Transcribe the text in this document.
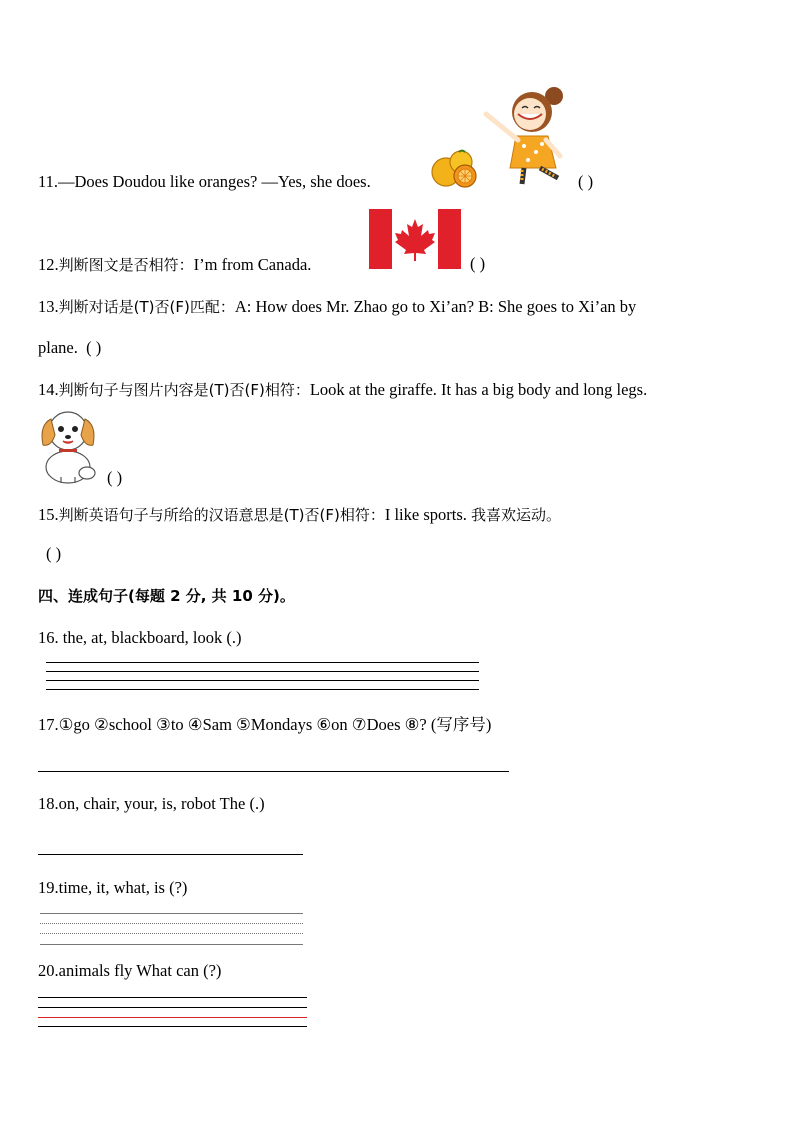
11.—Does Doudou like oranges? —Yes, she does.	( )
12.判断图文是否相符：I’m from Canada.	( )
13.判断对话是(T)否(F)匹配：A: How does Mr. Zhao go to Xi’an? B: She goes to Xi’an by
plane. ( )
14.判断句子与图片内容是(T)否(F)相符：Look at the giraffe. It has a big body and long legs.
( )
15.判断英语句子与所给的汉语意思是(T)否(F)相符：I like sports. 我喜欢运动。
( )
四、连成句子(每题 2 分, 共 10 分)。
16. the, at, blackboard, look (.)
17.①go ②school ③to ④Sam ⑤Mondays ⑥on ⑦Does ⑧? (写序号)
18.on, chair, your, is, robot The (.)
19.time, it, what, is (?)
20.animals fly What can (?)
